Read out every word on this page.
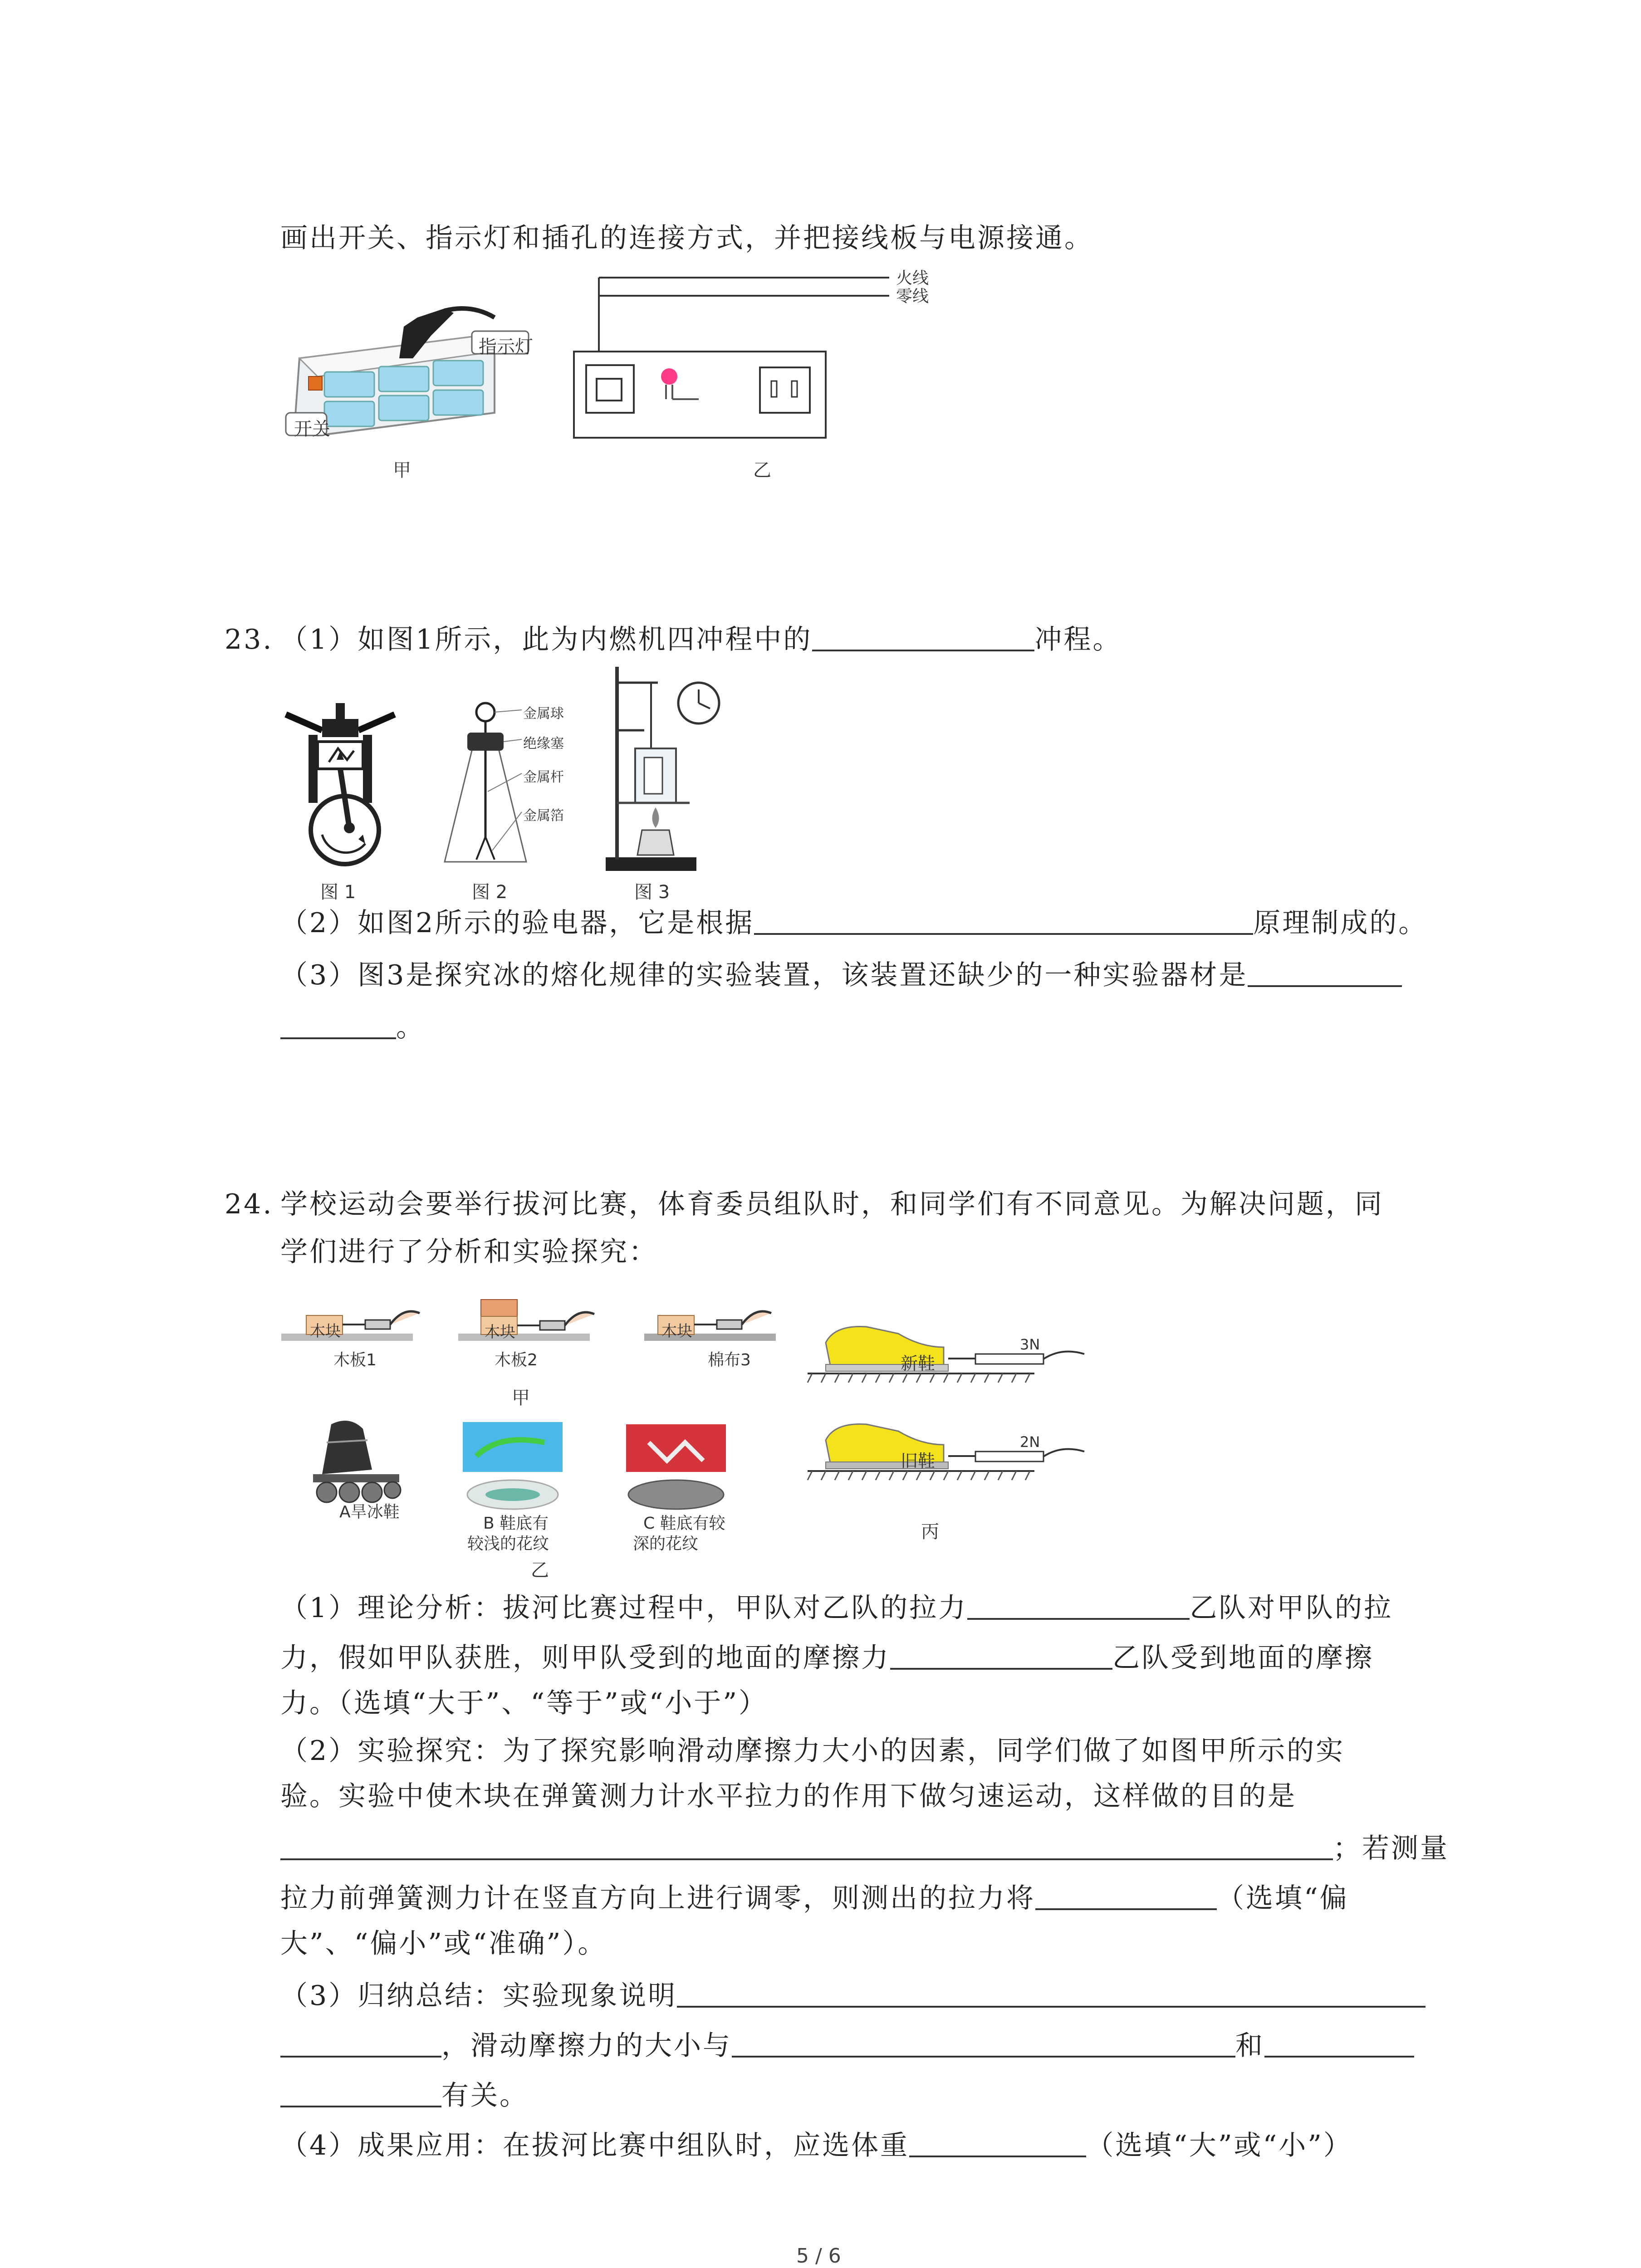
画出开关、指示灯和插孔的连接方式，并把接线板与电源接通。
开关
指示灯
甲
火线
零线
乙
23. （1）如图1所示，此为内燃机四冲程中的	冲程。
图 1
金属球
绝缘塞
金属杆
金属箔
图 2	图 3
（2）如图2所示的验电器，它是根据	原理制成的。
（3）图3是探究冰的熔化规律的实验装置，该装置还缺少的一种实验器材是
。
24. 学校运动会要举行拔河比赛，体育委员组队时，和同学们有不同意见。为解决问题，同
学们进行了分析和实验探究：
木块	木块	木块
木板1	木板2	棉布3
甲
新鞋
3N
旧鞋
2N
丙
A旱冰鞋
B 鞋底有
较浅的花纹
C 鞋底有较
深的花纹
乙
（1）理论分析：拔河比赛过程中，甲队对乙队的拉力	乙队对甲队的拉
力，假如甲队获胜，则甲队受到的地面的摩擦力	乙队受到地面的摩擦
力。（选填“大于”、“等于”或“小于”）
（2）实验探究：为了探究影响滑动摩擦力大小的因素，同学们做了如图甲所示的实
验。实验中使木块在弹簧测力计水平拉力的作用下做匀速运动，这样做的目的是
；若测量
拉力前弹簧测力计在竖直方向上进行调零，则测出的拉力将	（选填“偏
大”、“偏小”或“准确”）。
（3）归纳总结：实验现象说明
，滑动摩擦力的大小与	和
有关。
（4）成果应用：在拔河比赛中组队时，应选体重	（选填“大”或“小”）
5 / 6
